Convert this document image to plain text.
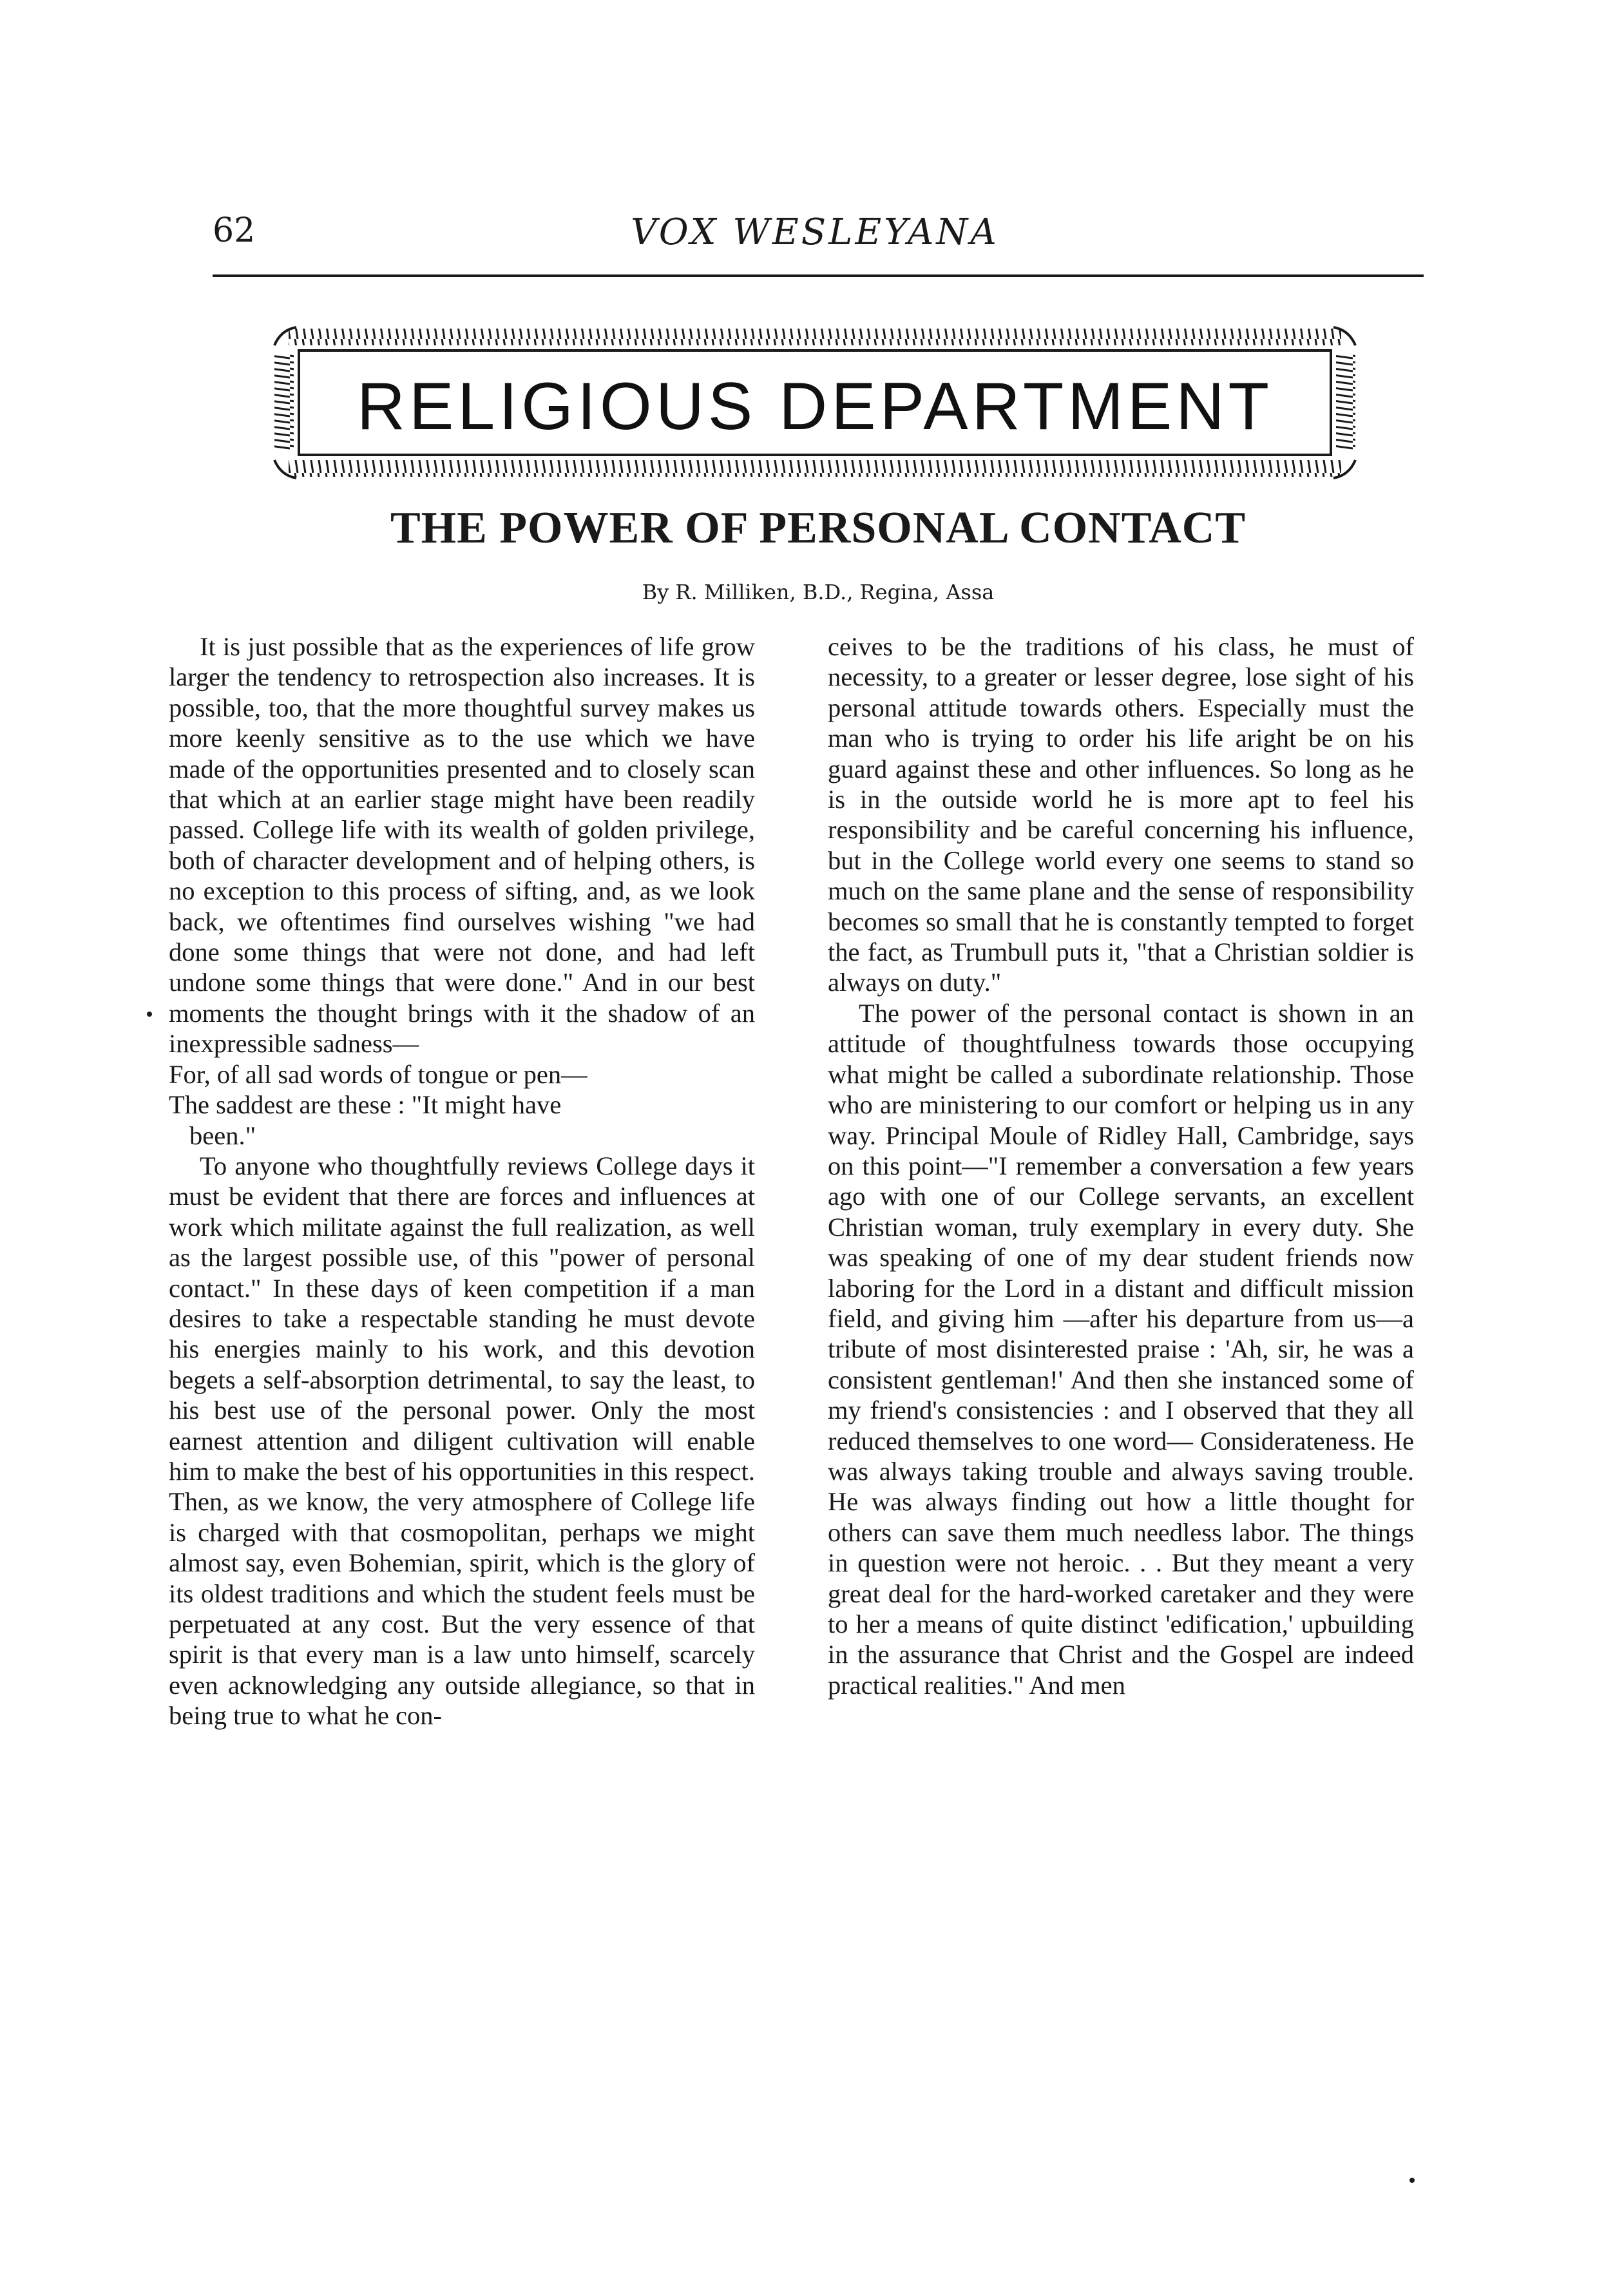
62	VOX WESLEYANA
RELIGIOUS DEPARTMENT
THE POWER OF PERSONAL CONTACT
By R. Milliken, B.D., Regina, Assa

It is just possible that as the experiences of life grow larger the tendency to retrospection also increases. It is possible, too, that the more thoughtful survey makes us more keenly sensitive as to the use which we have made of the opportunities presented and to closely scan that which at an earlier stage might have been readily passed. College life with its wealth of golden privilege, both of character development and of helping others, is no exception to this process of sifting, and, as we look back, we oftentimes find ourselves wishing "we had done some things that were not done, and had left undone some things that were done." And in our best moments the thought brings with it the shadow of an inexpressible sadness—

For, of all sad words of tongue or pen—
The saddest are these : "It might have
been."

To anyone who thoughtfully reviews College days it must be evident that there are forces and influences at work which militate against the full realization, as well as the largest possible use, of this "power of personal contact." In these days of keen competition if a man desires to take a respectable standing he must devote his energies mainly to his work, and this devotion begets a self-absorption detrimental, to say the least, to his best use of the personal power. Only the most earnest attention and diligent cultivation will enable him to make the best of his opportunities in this respect. Then, as we know, the very atmosphere of College life is charged with that cosmopolitan, perhaps we might almost say, even Bohemian, spirit, which is the glory of its oldest traditions and which the student feels must be perpetuated at any cost. But the very essence of that spirit is that every man is a law unto himself, scarcely even acknowledging any outside allegiance, so that in being true to what he con-

ceives to be the traditions of his class, he must of necessity, to a greater or lesser degree, lose sight of his personal attitude towards others. Especially must the man who is trying to order his life aright be on his guard against these and other influences. So long as he is in the outside world he is more apt to feel his responsibility and be careful concerning his influence, but in the College world every one seems to stand so much on the same plane and the sense of responsibility becomes so small that he is constantly tempted to forget the fact, as Trumbull puts it, "that a Christian soldier is always on duty."

The power of the personal contact is shown in an attitude of thoughtfulness towards those occupying what might be called a subordinate relationship. Those who are ministering to our comfort or helping us in any way. Principal Moule of Ridley Hall, Cambridge, says on this point—"I remember a conversation a few years ago with one of our College servants, an excellent Christian woman, truly exemplary in every duty. She was speaking of one of my dear student friends now laboring for the Lord in a distant and difficult mission field, and giving him —after his departure from us—a tribute of most disinterested praise : 'Ah, sir, he was a consistent gentleman!' And then she instanced some of my friend's consistencies : and I observed that they all reduced themselves to one word— Considerateness. He was always taking trouble and always saving trouble. He was always finding out how a little thought for others can save them much needless labor. The things in question were not heroic. . . But they meant a very great deal for the hard-worked caretaker and they were to her a means of quite distinct 'edification,' upbuilding in the assurance that Christ and the Gospel are indeed practical realities." And men
